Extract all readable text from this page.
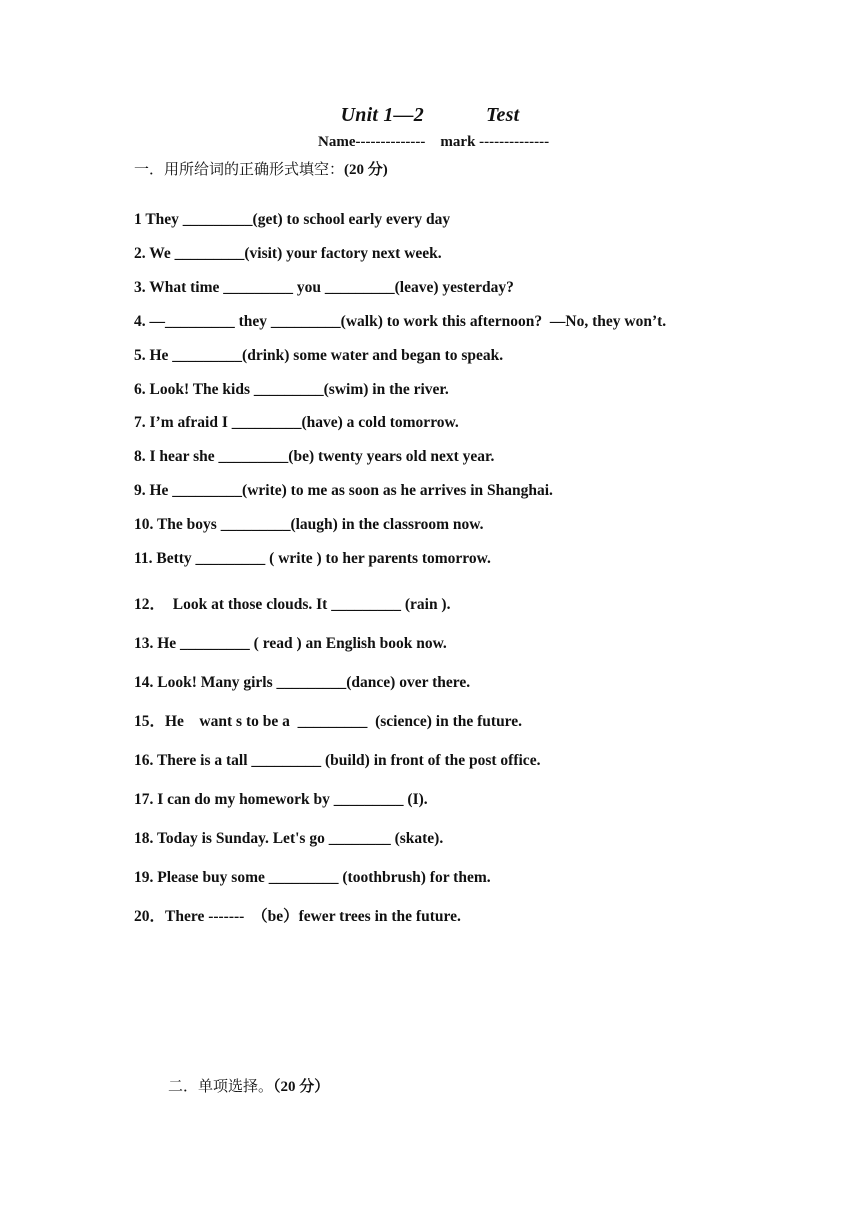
Unit 1—2	Test
Name--------------    mark --------------
一．用所给词的正确形式填空：(20 分)
1 They _________(get) to school early every day
2. We _________(visit) your factory next week.
3. What time _________ you _________(leave) yesterday?
4. —_________ they _________(walk) to work this afternoon?  —No, they won’t.
5. He _________(drink) some water and began to speak.
6. Look! The kids _________(swim) in the river.
7. I’m afraid I _________(have) a cold tomorrow.
8. I hear she _________(be) twenty years old next year.
9. He _________(write) to me as soon as he arrives in Shanghai.
10. The boys _________(laugh) in the classroom now.
11. Betty _________ ( write ) to her parents tomorrow.
12．  Look at those clouds. It _________ (rain ).
13. He _________ ( read ) an English book now.
14. Look! Many girls _________(dance) over there.
15．He    want s to be a  _________  (science) in the future.
16. There is a tall _________ (build) in front of the post office.
17. I can do my homework by _________ (I).
18. Today is Sunday. Let's go ________ (skate).
19. Please buy some _________ (toothbrush) for them.
20．There -------  （be）fewer trees in the future.
二．单项选择。（20 分）
